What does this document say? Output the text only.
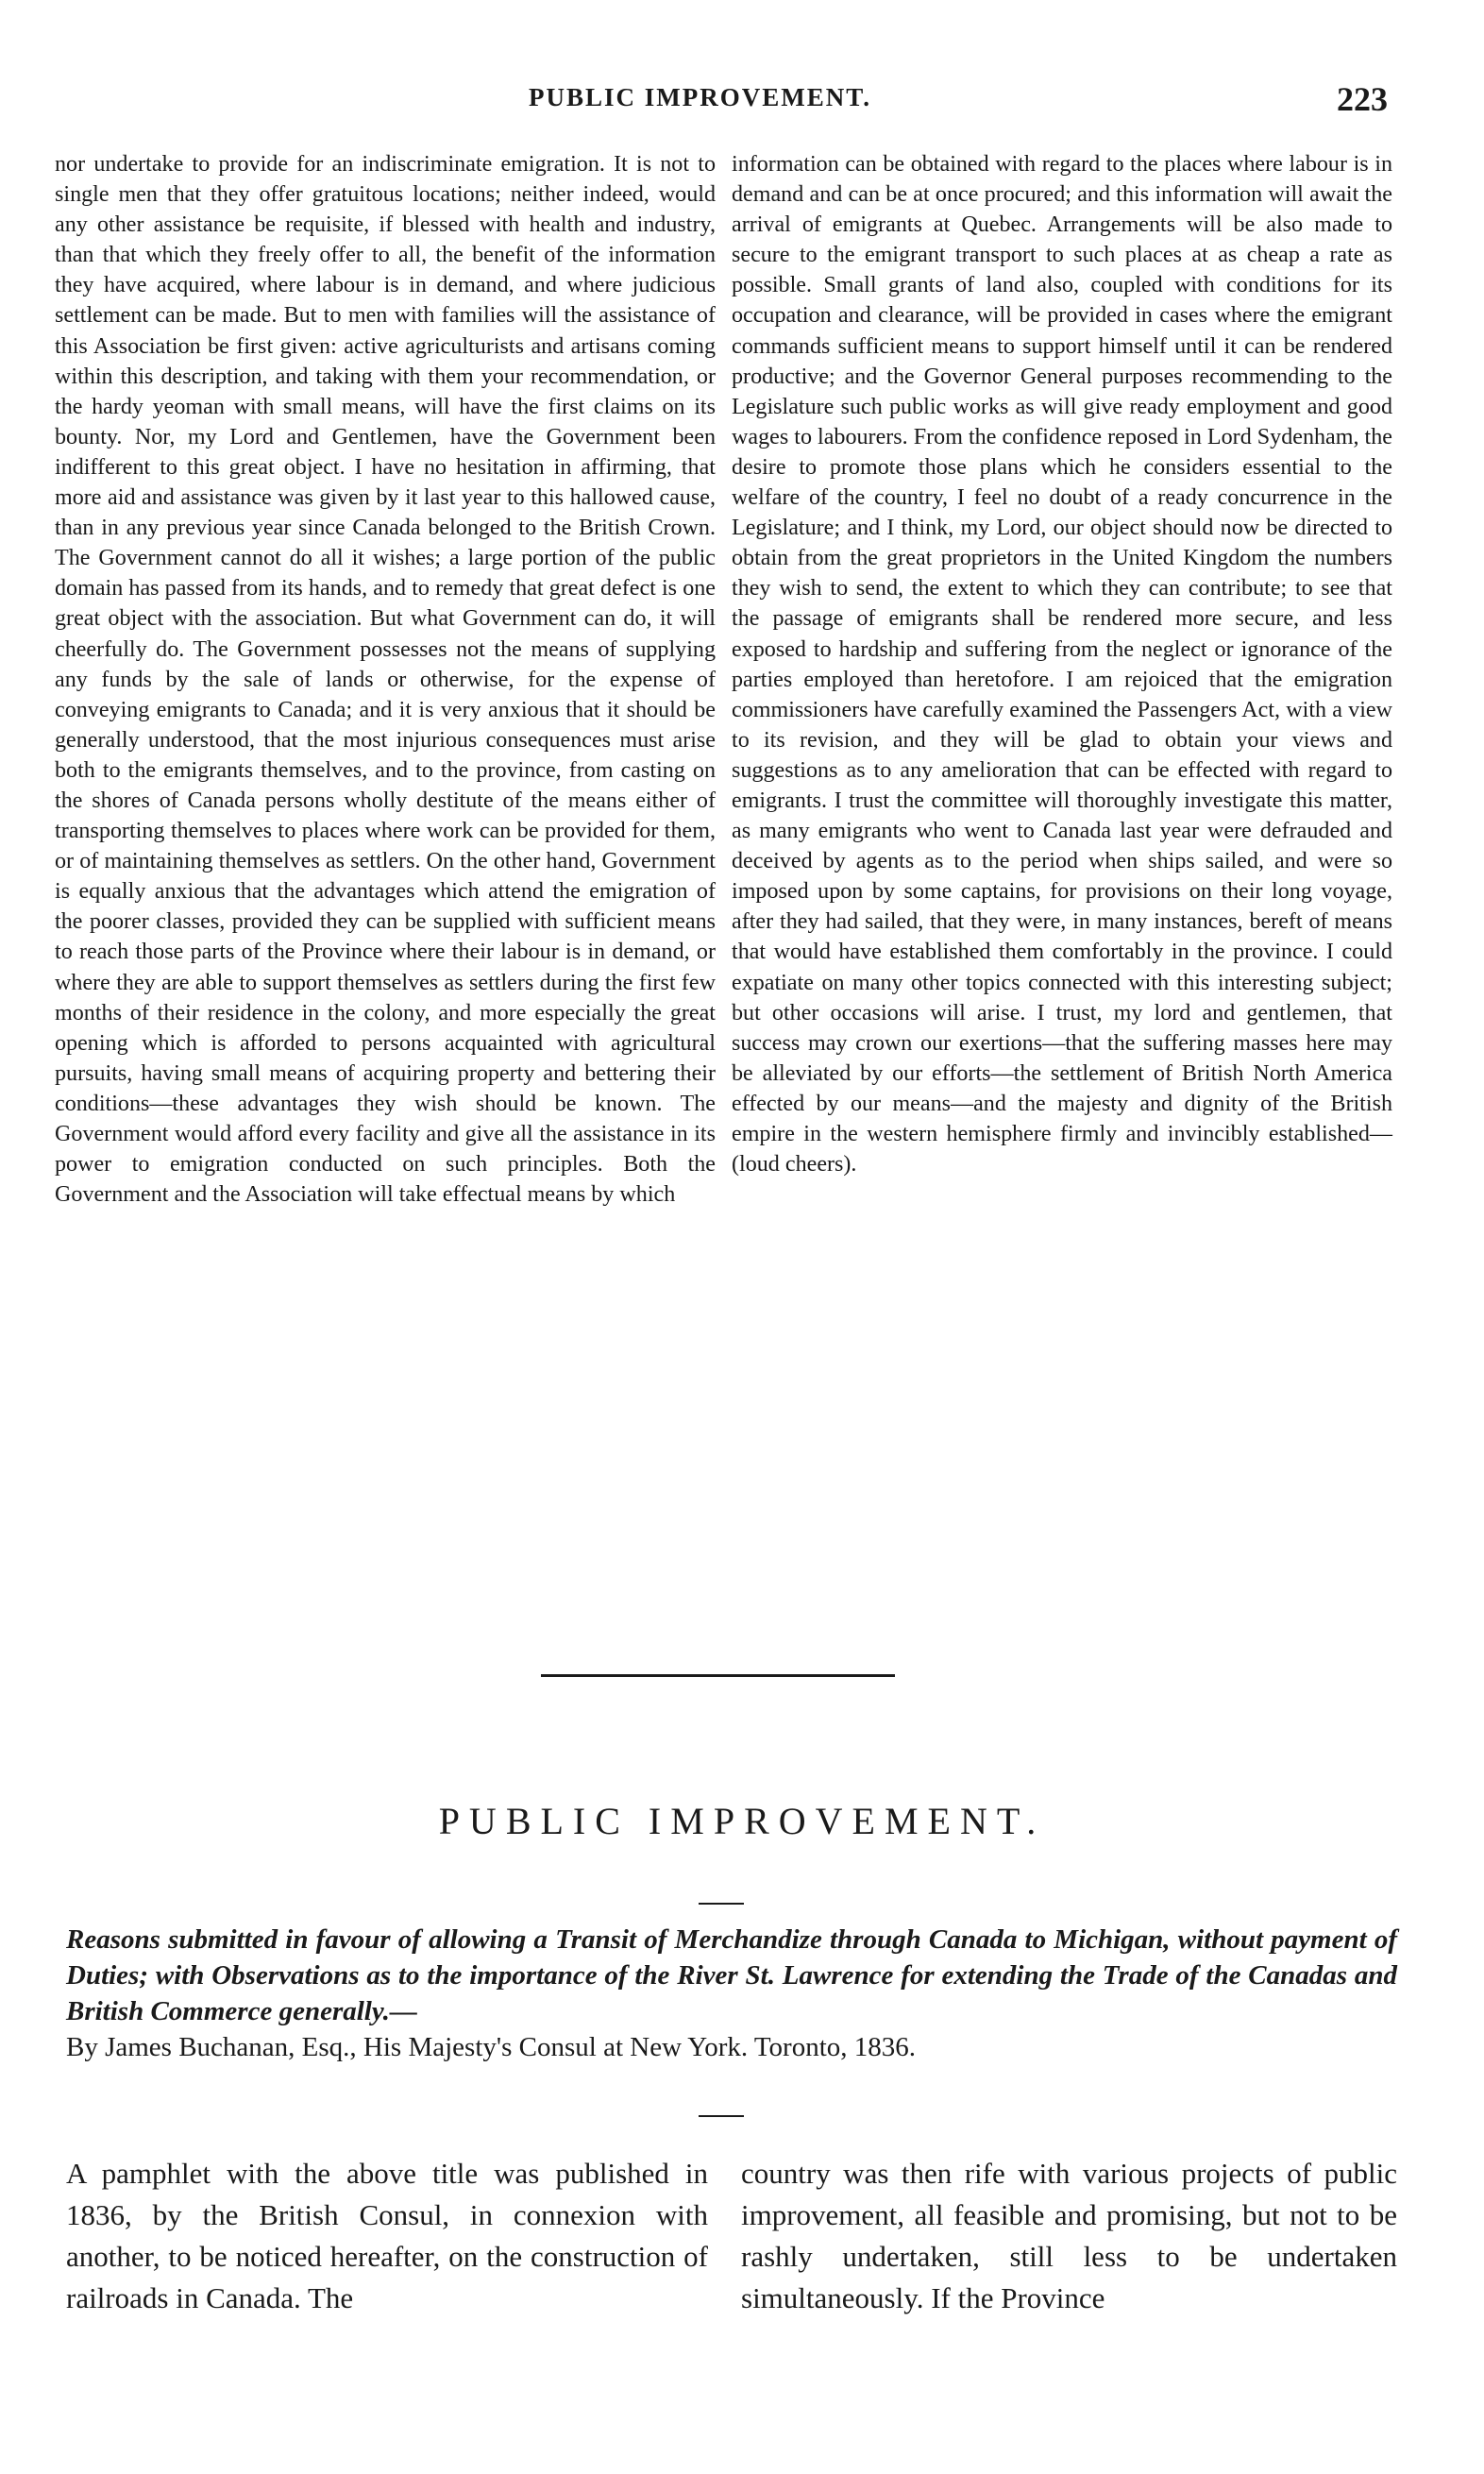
PUBLIC IMPROVEMENT.	223

nor undertake to provide for an indiscriminate emigration. It is not to single men that they offer gratuitous locations; neither indeed, would any other assistance be requisite, if blessed with health and industry, than that which they freely offer to all, the benefit of the information they have acquired, where labour is in demand, and where judicious settlement can be made. But to men with families will the assistance of this Association be first given: active agriculturists and artisans coming within this description, and taking with them your recommendation, or the hardy yeoman with small means, will have the first claims on its bounty. Nor, my Lord and Gentlemen, have the Government been indifferent to this great object. I have no hesitation in affirming, that more aid and assistance was given by it last year to this hallowed cause, than in any previous year since Canada belonged to the British Crown. The Government cannot do all it wishes; a large portion of the public domain has passed from its hands, and to remedy that great defect is one great object with the association. But what Government can do, it will cheerfully do. The Government possesses not the means of supplying any funds by the sale of lands or otherwise, for the expense of conveying emigrants to Canada; and it is very anxious that it should be generally understood, that the most injurious consequences must arise both to the emigrants themselves, and to the province, from casting on the shores of Canada persons wholly destitute of the means either of transporting themselves to places where work can be provided for them, or of maintaining themselves as settlers. On the other hand, Government is equally anxious that the advantages which attend the emigration of the poorer classes, provided they can be supplied with sufficient means to reach those parts of the Province where their labour is in demand, or where they are able to support themselves as settlers during the first few months of their residence in the colony, and more especially the great opening which is afforded to persons acquainted with agricultural pursuits, having small means of acquiring property and bettering their conditions—these advantages they wish should be known. The Government would afford every facility and give all the assistance in its power to emigration conducted on such principles. Both the Government and the Association will take effectual means by which

information can be obtained with regard to the places where labour is in demand and can be at once procured; and this information will await the arrival of emigrants at Quebec. Arrangements will be also made to secure to the emigrant transport to such places at as cheap a rate as possible. Small grants of land also, coupled with conditions for its occupation and clearance, will be provided in cases where the emigrant commands sufficient means to support himself until it can be rendered productive; and the Governor General purposes recommending to the Legislature such public works as will give ready employment and good wages to labourers. From the confidence reposed in Lord Sydenham, the desire to promote those plans which he considers essential to the welfare of the country, I feel no doubt of a ready concurrence in the Legislature; and I think, my Lord, our object should now be directed to obtain from the great proprietors in the United Kingdom the numbers they wish to send, the extent to which they can contribute; to see that the passage of emigrants shall be rendered more secure, and less exposed to hardship and suffering from the neglect or ignorance of the parties employed than heretofore. I am rejoiced that the emigration commissioners have carefully examined the Passengers Act, with a view to its revision, and they will be glad to obtain your views and suggestions as to any amelioration that can be effected with regard to emigrants. I trust the committee will thoroughly investigate this matter, as many emigrants who went to Canada last year were defrauded and deceived by agents as to the period when ships sailed, and were so imposed upon by some captains, for provisions on their long voyage, after they had sailed, that they were, in many instances, bereft of means that would have established them comfortably in the province. I could expatiate on many other topics connected with this interesting subject; but other occasions will arise. I trust, my lord and gentlemen, that success may crown our exertions—that the suffering masses here may be alleviated by our efforts—the settlement of British North America effected by our means—and the majesty and dignity of the British empire in the western hemisphere firmly and invincibly established—(loud cheers).

PUBLIC IMPROVEMENT.
Reasons submitted in favour of allowing a Transit of Merchandize through Canada to Michigan, without payment of Duties; with Observations as to the importance of the River St. Lawrence for extending the Trade of the Canadas and British Commerce generally.—
By James Buchanan, Esq., His Majesty's Consul at New York. Toronto, 1836.

A pamphlet with the above title was published in 1836, by the British Consul, in connexion with another, to be noticed hereafter, on the construction of railroads in Canada. The

country was then rife with various projects of public improvement, all feasible and promising, but not to be rashly undertaken, still less to be undertaken simultaneously. If the Province
